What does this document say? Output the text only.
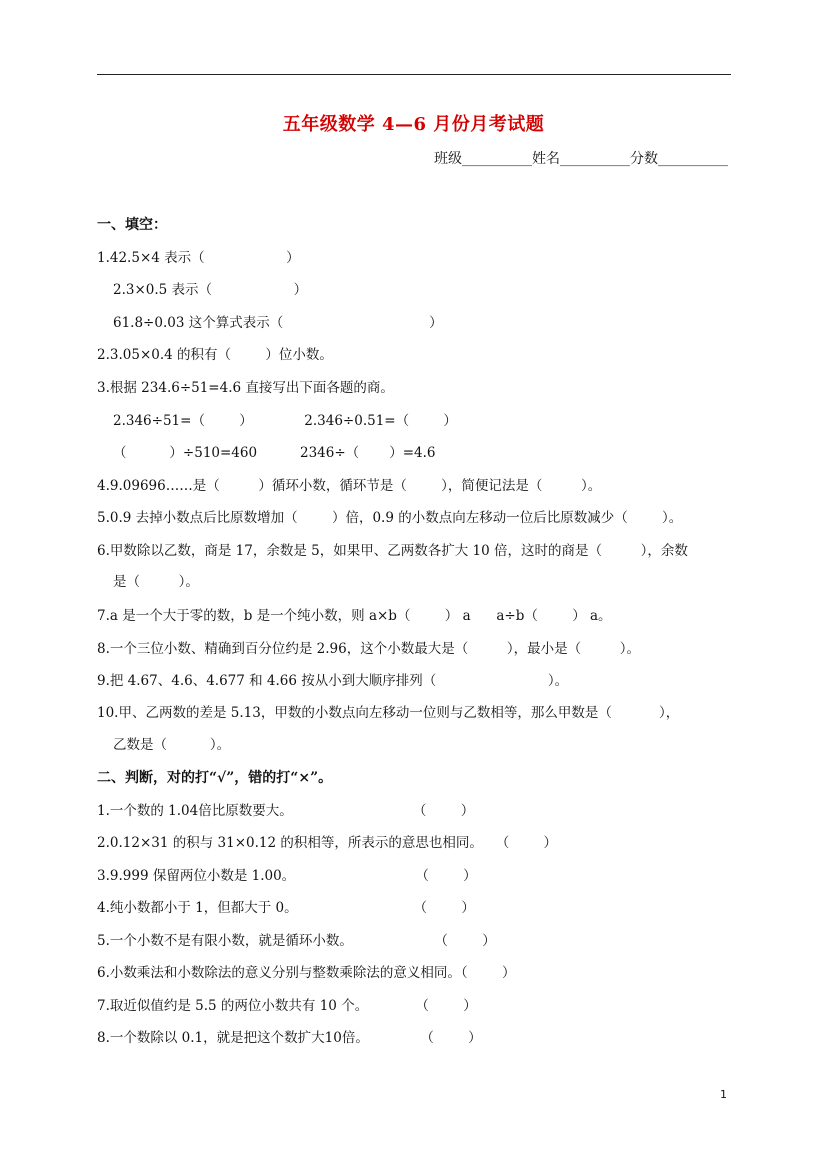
五年级数学 4—6 月份月考试题
班级__________姓名__________分数__________
一、填空：
1.42.5×4 表示（                   ）
2.3×0.5 表示（                   ）
61.8÷0.03 这个算式表示（                                  ）
2.3.05×0.4 的积有（        ）位小数。
3.根据 234.6÷51=4.6 直接写出下面各题的商。
2.346÷51=（        ）            2.346÷0.51=（        ）
（          ）÷510=460          2346÷（       ）=4.6
4.9.09696……是（         ）循环小数，循环节是（        ），简便记法是（         ）。
5.0.9 去掉小数点后比原数增加（        ）倍，0.9 的小数点向左移动一位后比原数减少（        ）。
6.甲数除以乙数，商是 17，余数是 5，如果甲、乙两数各扩大 10 倍，这时的商是（         ），余数
是（         ）。
7.a 是一个大于零的数，b 是一个纯小数，则 a×b（        ） a      a÷b（        ） a。
8.一个三位小数、精确到百分位约是 2.96，这个小数最大是（         ），最小是（         ）。
9.把 4.67、4.6、4.677 和 4.66 按从小到大顺序排列（                          ）。
10.甲、乙两数的差是 5.13，甲数的小数点向左移动一位则与乙数相等，那么甲数是（           ），
乙数是（          ）。
二、判断，对的打“√”，错的打“×”。
1.一个数的 1.04倍比原数要大。                            （        ）
2.0.12×31 的积与 31×0.12 的积相等，所表示的意思也相同。   （        ）
3.9.999 保留两位小数是 1.00。                            （        ）
4.纯小数都小于 1，但都大于 0。                           （        ）
5.一个小数不是有限小数，就是循环小数。                   （        ）
6.小数乘法和小数除法的意义分别与整数乘除法的意义相同。（        ）
7.取近似值约是 5.5 的两位小数共有 10 个。           （        ）
8.一个数除以 0.1，就是把这个数扩大10倍。            （        ）
1
